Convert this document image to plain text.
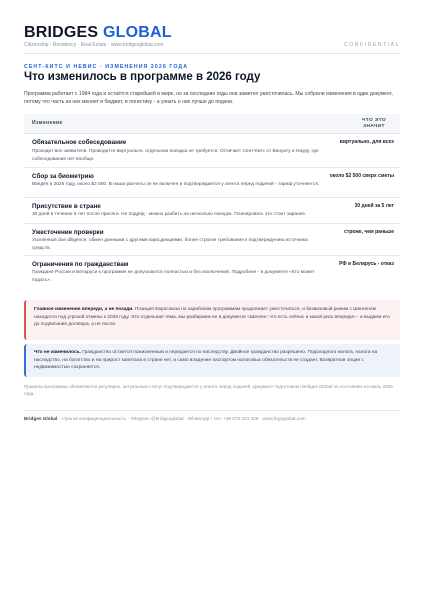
BRIDGES GLOBAL
Citizenship · Residency · Real Estate · www.bridgesglobal.com	CONFIDENTIAL
СЕНТ-КИТС И НЕВИС · ИЗМЕНЕНИЯ 2026 ГОДА
Что изменилось в программе в 2026 году
Программа работает с 1984 года и остаётся старейшей в мире, но за последние годы она заметно ужесточилась. Мы собрали изменения в один документ, потому что часть из них меняет и бюджет, и логистику - а узнать о них лучше до подачи.
Изменение	ЧТО ЭТО ЗНАЧИТ
Обязательное собеседование
Проходит все заявители. Проводится виртуально, отдельная поездка не требуется. Отличает Сент-Китс от Вануату и Науру, где собеседования нет вообще.
виртуально, для всех
Сбор за биометрию
Введён в 2026 году, около $2 500. В наши расчеты он не включен и подтверждается у агента перед подачей - тариф уточняется.
около $2 500 сверх сметы
Присутствие в стране
30 дней в течение 5 лет после присяги. Не подряд - можно разбить на несколько поездок. Планировать это стоит заранее.
30 дней за 5 лет
Ужесточение проверки
Усиленный due diligence, обмен данными с другими юрисдикциями, более строгие требования к подтверждению источника средств.
строже, чем раньше
Ограничения по гражданствам
Граждане России и Беларуси к программе не допускаются полностью и без исключений. Подробнее - в документе «Кто может подать».
РФ и Беларусь - отказ
Главное изменение впереди, а не позади. Позиция Евросоюза по карибским программам продолжает ужесточаться, и безвизовый режим с Шенгеном находится под угрозой отмены к 2028 году. Это отдельная тема, мы разбираем ее в документе «Шенген: что есть сейчас и какой риск впереди» - и выдаем его до подписания договора, а не после.
Что не изменилось. Гражданство остается пожизненным и передается по наследству. Двойное гражданство разрешено. Подоходного налога, налога на наследство, на богатство и на прирост капитала в стране нет, и само владение паспортом налоговых обязательств не создает. Возвратная опция с недвижимостью сохраняется.
Правила программы обновляются регулярно, актуальный статус подтверждается у агента перед подачей. Документ подготовлен Bridges Global по состоянию на июль 2026 года.
Bridges Global · строгая конфиденциальность · Telegram @bridgesglobal · WhatsApp / тел: +36 670 421 328 · www.brgsglobal.com
